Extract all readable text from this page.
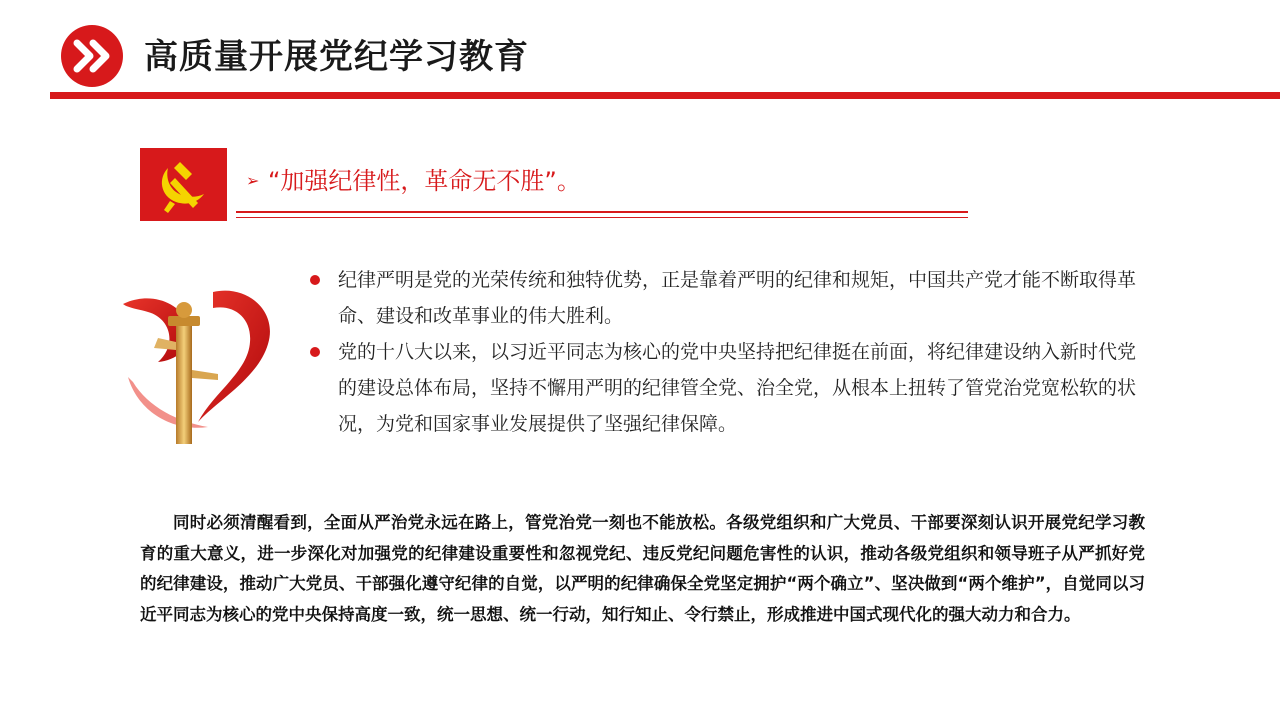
高质量开展党纪学习教育
➢ “加强纪律性，革命无不胜”。
纪律严明是党的光荣传统和独特优势，正是靠着严明的纪律和规矩，中国共产党才能不断取得革命、建设和改革事业的伟大胜利。
党的十八大以来，以习近平同志为核心的党中央坚持把纪律挺在前面，将纪律建设纳入新时代党的建设总体布局，坚持不懈用严明的纪律管全党、治全党，从根本上扭转了管党治党宽松软的状况，为党和国家事业发展提供了坚强纪律保障。

同时必须清醒看到，全面从严治党永远在路上，管党治党一刻也不能放松。各级党组织和广大党员、干部要深刻认识开展党纪学习教育的重大意义，进一步深化对加强党的纪律建设重要性和忽视党纪、违反党纪问题危害性的认识，推动各级党组织和领导班子从严抓好党的纪律建设，推动广大党员、干部强化遵守纪律的自觉，以严明的纪律确保全党坚定拥护“两个确立”、坚决做到“两个维护”，自觉同以习近平同志为核心的党中央保持高度一致，统一思想、统一行动，知行知止、令行禁止，形成推进中国式现代化的强大动力和合力。
